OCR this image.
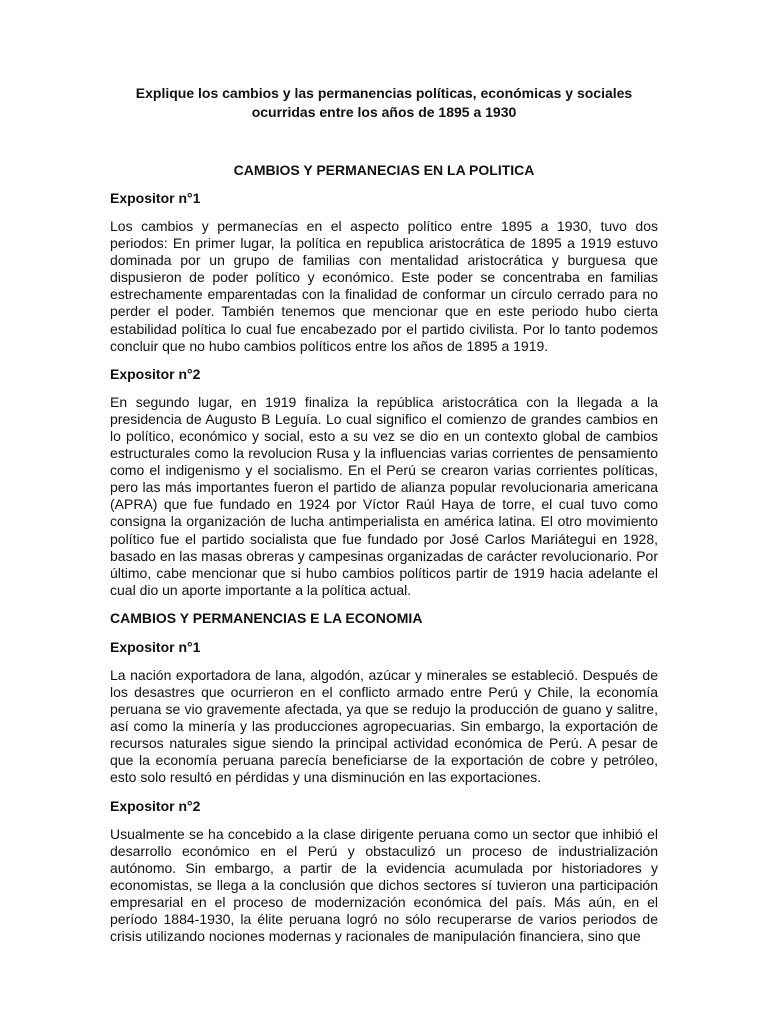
Explique los cambios y las permanencias políticas, económicas y sociales
ocurridas entre los años de 1895 a 1930
CAMBIOS Y PERMANECIAS EN LA POLITICA
Expositor n°1
Los cambios y permanecías en el aspecto político entre 1895 a 1930, tuvo dos periodos: En primer lugar, la política en republica aristocrática de 1895 a 1919 estuvo dominada por un grupo de familias con mentalidad aristocrática y burguesa que dispusieron de poder político y económico. Este poder se concentraba en familias estrechamente emparentadas con la finalidad de conformar un círculo cerrado para no perder el poder. También tenemos que mencionar que en este periodo hubo cierta estabilidad política lo cual fue encabezado por el partido civilista. Por lo tanto podemos concluir que no hubo cambios políticos entre los años de 1895 a 1919.
Expositor n°2
En segundo lugar, en 1919 finaliza la república aristocrática con la llegada a la presidencia de Augusto B Leguía. Lo cual significo el comienzo de grandes cambios en lo político, económico y social, esto a su vez se dio en un contexto global de cambios estructurales como la revolucion Rusa y la influencias varias corrientes de pensamiento como el indigenismo y el socialismo. En el Perú se crearon varias corrientes políticas, pero las más importantes fueron el partido de alianza popular revolucionaria americana (APRA) que fue fundado en 1924 por Víctor Raúl Haya de torre, el cual tuvo como consigna la organización de lucha antimperialista en américa latina. El otro movimiento político fue el partido socialista que fue fundado por José Carlos Mariátegui en 1928, basado en las masas obreras y campesinas organizadas de carácter revolucionario. Por último, cabe mencionar que si hubo cambios políticos partir de 1919 hacia adelante el cual dio un aporte importante a la política actual.
CAMBIOS Y PERMANENCIAS E LA ECONOMIA
Expositor n°1
La nación exportadora de lana, algodón, azúcar y minerales se estableció. Después de los desastres que ocurrieron en el conflicto armado entre Perú y Chile, la economía peruana se vio gravemente afectada, ya que se redujo la producción de guano y salitre, así como la minería y las producciones agropecuarias. Sin embargo, la exportación de recursos naturales sigue siendo la principal actividad económica de Perú. A pesar de que la economía peruana parecía beneficiarse de la exportación de cobre y petróleo, esto solo resultó en pérdidas y una disminución en las exportaciones.
Expositor n°2
Usualmente se ha concebido a la clase dirigente peruana como un sector que inhibió el desarrollo económico en el Perú y obstaculizó un proceso de industrialización autónomo. Sin embargo, a partir de la evidencia acumulada por historiadores y economistas, se llega a la conclusión que dichos sectores sí tuvieron una participación empresarial en el proceso de modernización económica del país. Más aún, en el período 1884-1930, la élite peruana logró no sólo recuperarse de varios periodos de crisis utilizando nociones modernas y racionales de manipulación financiera, sino que
